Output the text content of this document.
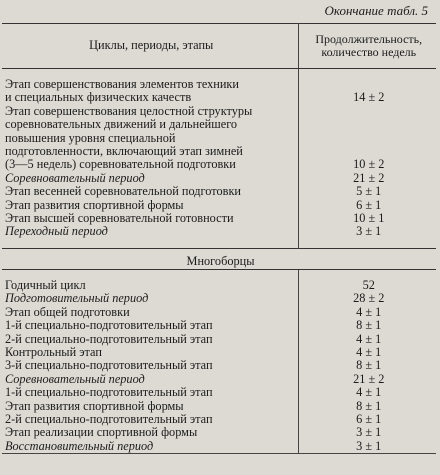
Окончание табл. 5
Циклы, периоды, этапы	Продолжительность, количество недель

Этап совершенствования элементов техники	
и специальных физических качеств	14 ± 2
Этап совершенствования целостной структуры	
соревновательных движений и дальнейшего	
повышения уровня специальной	
подготовленности, включающий этап зимней	
(3—5 недель) соревновательной подготовки	10 ± 2
Соревновательный период	21 ± 2
Этап весенней соревновательной подготовки	5 ± 1
Этап развития спортивной формы	6 ± 1
Этап высшей соревновательной готовности	10 ± 1
Переходный период	3 ± 1

Многоборцы	

Годичный цикл	52
Подготовительный период	28 ± 2
Этап общей подготовки	4 ± 1
1-й специально-подготовительный этап	8 ± 1
2-й специально-подготовительный этап	4 ± 1
Контрольный этап	4 ± 1
3-й специально-подготовительный этап	8 ± 1
Соревновательный период	21 ± 2
1-й специально-подготовительный этап	4 ± 1
Этап развития спортивной формы	8 ± 1
2-й специально-подготовительный этап	6 ± 1
Этап реализации спортивной формы	3 ± 1
Восстановительный период	3 ± 1
